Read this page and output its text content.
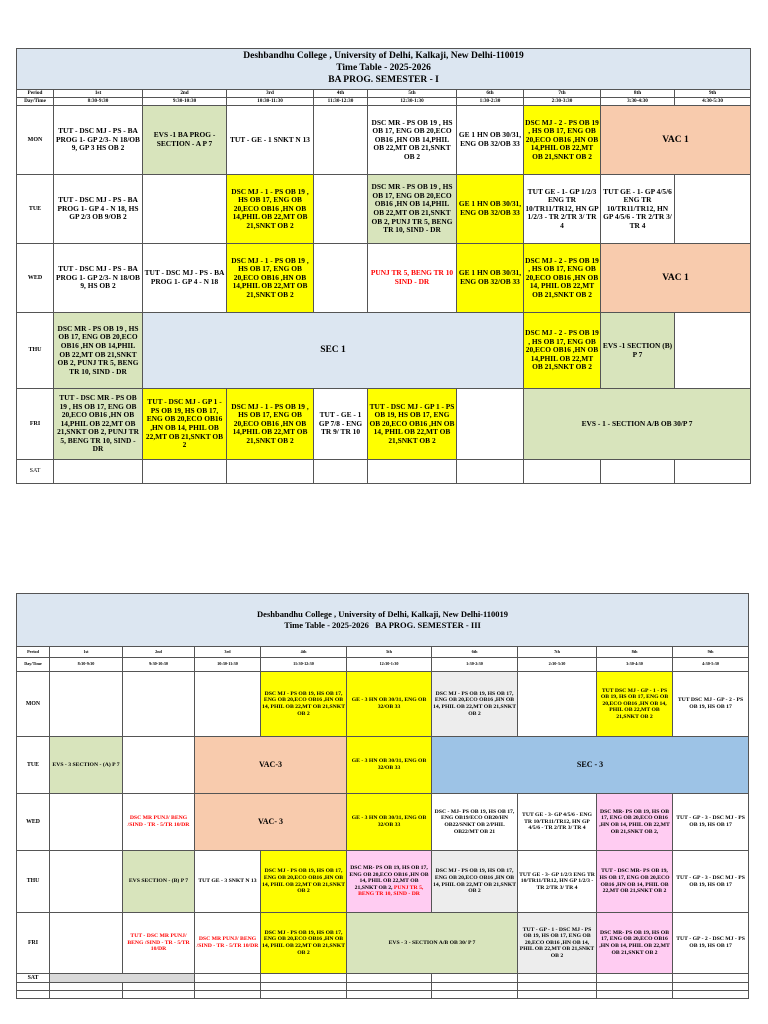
Deshbandhu College , University of Delhi, Kalkaji, New Delhi-110019
Time Table - 2025-2026
BA PROG. SEMESTER - I									

Period	1st	2nd	3rd	4th	5th	6th	7th	8th	9th
Day/Time	8:30-9:30	9:30-10:30	10:30-11:30	11:30-12:30	12:30-1:30	1:30-2:30	2:30-3:30	3:30-4:30	4:30-5:30
MON	TUT - DSC MJ - PS - BA PROG 1- GP 2/3- N 18/OB 9, GP 3 HS OB 2	EVS -1 BA PROG - SECTION - A P 7	TUT - GE - 1 SNKT N 13		DSC MR - PS OB 19 , HS OB 17, ENG OB 20,ECO OB16 ,HN OB 14,PHIL OB 22,MT OB 21,SNKT OB 2	GE 1 HN OB 30/31, ENG OB 32/OB 33	DSC MJ - 2 - PS OB 19 , HS OB 17, ENG OB 20,ECO OB16 ,HN OB 14,PHIL OB 22,MT OB 21,SNKT OB 2	VAC 1	
TUE	TUT - DSC MJ - PS - BA PROG 1- GP 4 - N 18, HS GP 2/3 OB 9/OB 2		DSC MJ - 1 - PS OB 19 , HS OB 17, ENG OB 20,ECO OB16 ,HN OB 14,PHIL OB 22,MT OB 21,SNKT OB 2		DSC MR - PS OB 19 , HS OB 17, ENG OB 20,ECO OB16 ,HN OB 14,PHIL OB 22,MT OB 21,SNKT OB 2, PUNJ TR 5, BENG TR 10, SIND - DR	GE 1 HN OB 30/31, ENG OB 32/OB 33	TUT GE - 1- GP 1/2/3 ENG TR 10/TR11/TR12, HN GP 1/2/3 - TR 2/TR 3/ TR 4	TUT GE - 1- GP 4/5/6 ENG TR 10/TR11/TR12, HN GP 4/5/6 - TR 2/TR 3/ TR 4	
WED	TUT - DSC MJ - PS - BA PROG 1- GP 2/3- N 18/OB 9, HS OB 2	TUT - DSC MJ - PS - BA PROG 1- GP 4 - N 18	DSC MJ - 1 - PS OB 19 , HS OB 17, ENG OB 20,ECO OB16 ,HN OB 14,PHIL OB 22,MT OB 21,SNKT OB 2		PUNJ TR 5, BENG TR 10 SIND - DR	GE 1 HN OB 30/31, ENG OB 32/OB 33	DSC MJ - 2 - PS OB 19 , HS OB 17, ENG OB 20,ECO OB16 ,HN OB 14, PHIL OB 22,MT OB 21,SNKT OB 2	VAC 1	
THU	DSC MR - PS OB 19 , HS OB 17, ENG OB 20,ECO OB16 ,HN OB 14,PHIL OB 22,MT OB 21,SNKT OB 2, PUNJ TR 5, BENG TR 10, SIND - DR	SEC 1					DSC MJ - 2 - PS OB 19 , HS OB 17, ENG OB 20,ECO OB16 ,HN OB 14,PHIL OB 22,MT OB 21,SNKT OB 2	EVS -1 SECTION (B) P 7	
FRI	TUT - DSC MR - PS OB 19 , HS OB 17, ENG OB 20,ECO OB16 ,HN OB 14,PHIL OB 22,MT OB 21,SNKT OB 2, PUNJ TR 5, BENG TR 10, SIND - DR	TUT - DSC MJ - GP 1 - PS OB 19, HS OB 17, ENG OB 20,ECO OB16 ,HN OB 14, PHIL OB 22,MT OB 21,SNKT OB 2	DSC MJ - 1 - PS OB 19 , HS OB 17, ENG OB 20,ECO OB16 ,HN OB 14,PHIL OB 22,MT OB 21,SNKT OB 2	TUT - GE - 1 GP 7/8 - ENG TR 9/ TR 10	TUT - DSC MJ - GP 1 - PS OB 19, HS OB 17, ENG OB 20,ECO OB16 ,HN OB 14, PHIL OB 22,MT OB 21,SNKT OB 2		EVS - 1 - SECTION A/B OB 30/P 7		
SAT									
Deshbandhu College , University of Delhi, Kalkaji, New Delhi-110019
Time Table - 2025-2026 BA PROG. SEMESTER - III									

Period	1st	2nd	3rd	4th	5th	6th	7th	8th	9th
Day/Time	8:30-9:30	9:30-10:30	10:30-11:30	11:30-12:30	12:30-1:30	1:30-2:30	2:30-3:30	3:30-4:30	4:30-5:30
MON				DSC MJ - PS OB 19, HS OB 17, ENG OB 20,ECO OB16 ,HN OB 14, PHIL OB 22,MT OB 21,SNKT OB 2	GE - 3 HN OB 30/31, ENG OB 32/OB 33	DSC MJ - PS OB 19, HS OB 17, ENG OB 20,ECO OB16 ,HN OB 14, PHIL OB 22,MT OB 21,SNKT OB 2		TUT DSC MJ - GP - 1 - PS OB 19, HS OB 17, ENG OB 20,ECO OB16 ,HN OB 14, PHIL OB 22,MT OB 21,SNKT OB 2	TUT DSC MJ - GP - 2 - PS OB 19, HS OB 17
TUE	EVS - 3 SECTION - (A) P 7		VAC-3		GE - 3 HN OB 30/31, ENG OB 32/OB 33	SEC - 3			
WED		DSC MR PUNJ/ BENG /SIND - TR - 5/TR 10/DR	VAC- 3		GE - 3 HN OB 30/31, ENG OB 32/OB 33	DSC - MJ- PS OB 19, HS OB 17, ENG OB19/ECO OB20/HN OB22/SNKT OB 2/PHIL OB22/MT OB 21	TUT GE - 3- GP 4/5/6 - ENG TR 10/TR11/TR12, HN GP 4/5/6 - TR 2/TR 3/ TR 4	DSC MR- PS OB 19, HS OB 17, ENG OB 20,ECO OB16 ,HN OB 14, PHIL OB 22,MT OB 21,SNKT OB 2,	TUT - GP - 3 - DSC MJ - PS OB 19, HS OB 17
THU		EVS SECTION - (B) P 7	TUT GE - 3 SNKT N 13	DSC MJ - PS OB 19, HS OB 17, ENG OB 20,ECO OB16 ,HN OB 14, PHIL OB 22,MT OB 21,SNKT OB 2	DSC MR- PS OB 19, HS OB 17, ENG OB 20,ECO OB16 ,HN OB 14, PHIL OB 22,MT OB 21,SNKT OB 2, PUNJ TR 5, BENG TR 10, SIND - DR	DSC MJ - PS OB 19, HS OB 17, ENG OB 20,ECO OB16 ,HN OB 14, PHIL OB 22,MT OB 21,SNKT OB 2	TUT GE - 3- GP 1/2/3 ENG TR 10/TR11/TR12, HN GP 1/2/3 - TR 2/TR 3/ TR 4	TUT - DSC MR- PS OB 19, HS OB 17, ENG OB 20,ECO OB16 ,HN OB 14, PHIL OB 22,MT OB 21,SNKT OB 2	TUT - GP - 3 - DSC MJ - PS OB 19, HS OB 17
FRI		TUT - DSC MR PUNJ/ BENG /SIND - TR - 5/TR 10/DR	DSC MR PUNJ/ BENG /SIND - TR - 5/TR 10/DR	DSC MJ - PS OB 19, HS OB 17, ENG OB 20,ECO OB16 ,HN OB 14, PHIL OB 22,MT OB 21,SNKT OB 2	EVS - 3 - SECTION A/B OB 30/ P 7		TUT - GP - 1 - DSC MJ - PS OB 19, HS OB 17, ENG OB 20,ECO OB16 ,HN OB 14, PHIL OB 22,MT OB 21,SNKT OB 2	DSC MR- PS OB 19, HS OB 17, ENG OB 20,ECO OB16 ,HN OB 14, PHIL OB 22,MT OB 21,SNKT OB 2	TUT - GP - 2 - DSC MJ - PS OB 19, HS OB 17
SAT									
